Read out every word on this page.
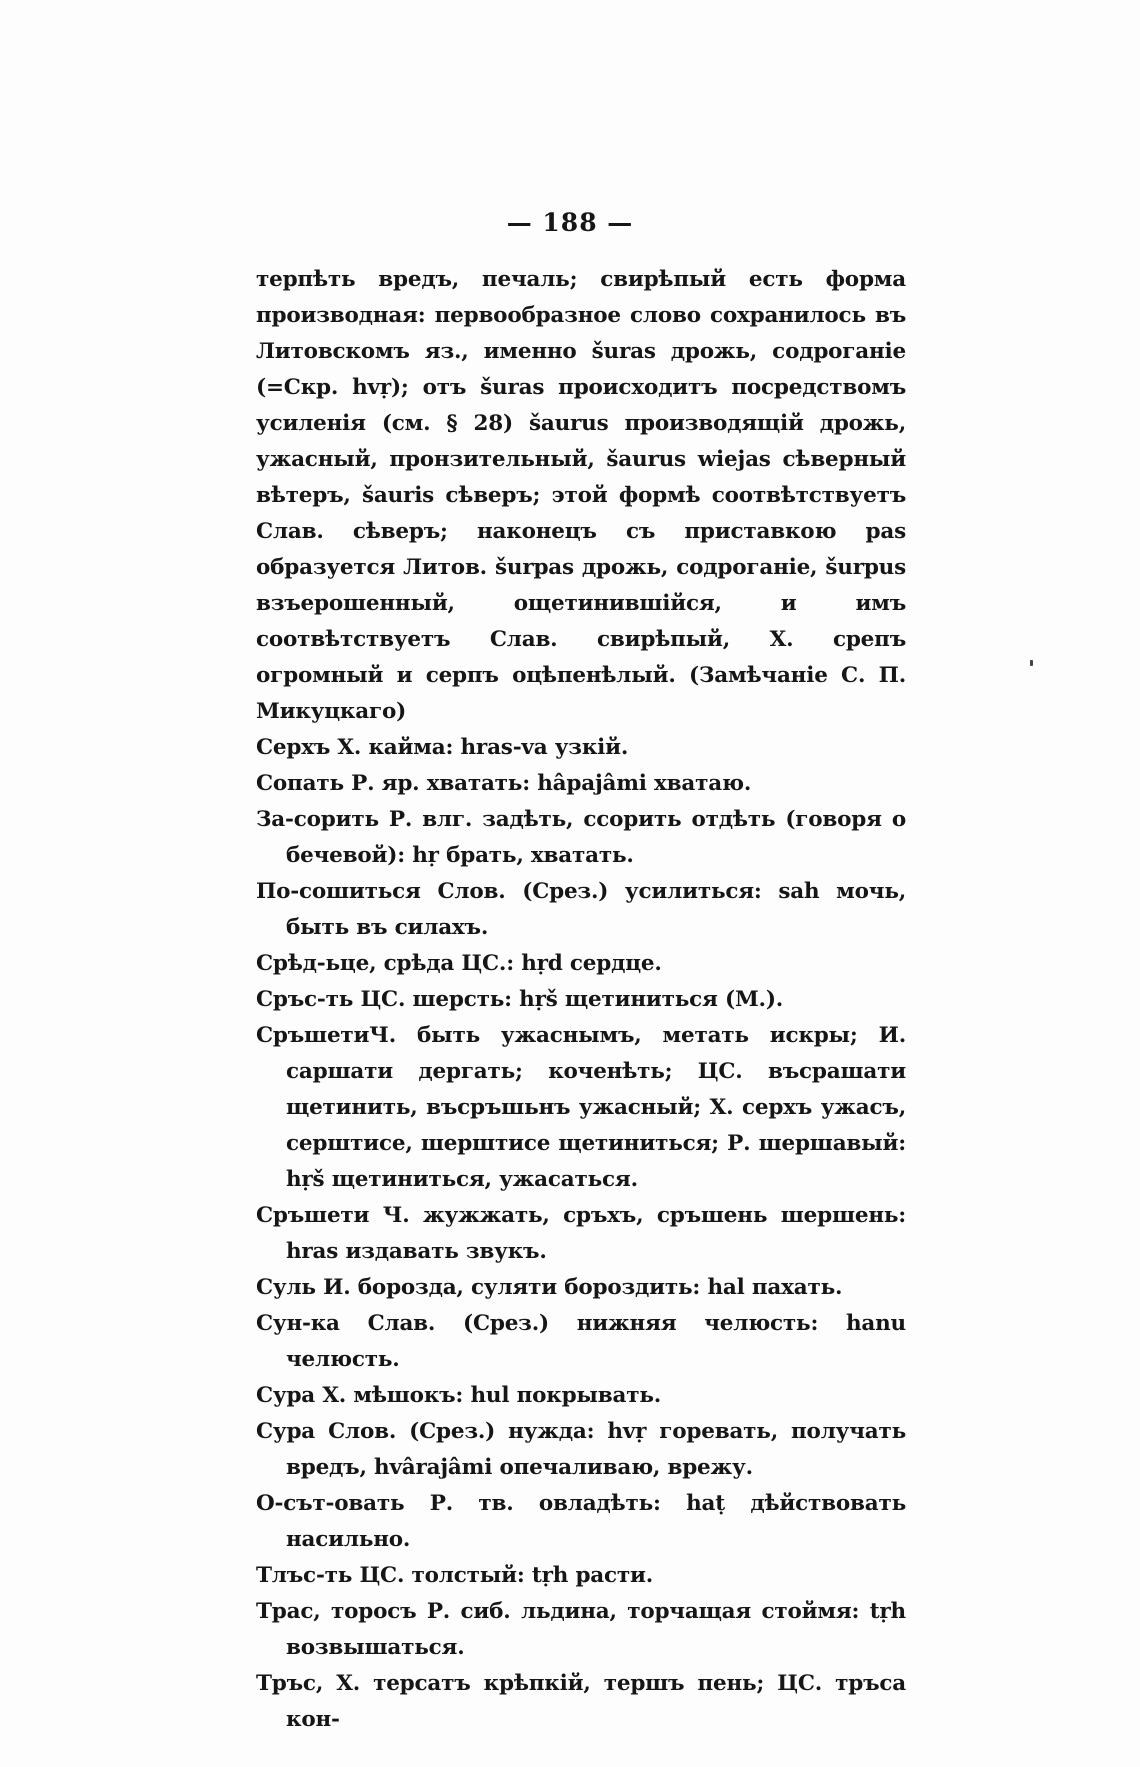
— 188 —

терпѣть вредъ, печаль; свирѣпый есть форма производная: первообразное слово сохранилось въ Литовскомъ яз., именно šuras дрожь, содроганіе (=Скр. hvṛ); отъ šuras происходитъ посредствомъ усиленія (см. § 28) šaurus производящій дрожь, ужасный, пронзительный, šaurus wiejas сѣверный вѣтеръ, šauris сѣверъ; этой формѣ соотвѣтствуетъ Слав. сѣверъ; наконецъ съ приставкою pas образуется Литов. šurpas дрожь, содроганіе, šurpus взъерошенный, ощетинившійся, и имъ соотвѣтствуетъ Слав. свирѣпый, Х. срепъ огромный и серпъ оцѣпенѣлый. (Замѣчаніе С. П. Микуцкаго)

Серхъ Х. кайма: hras-va узкій.

Сопать Р. яр. хватать: hâpajâmi хватаю.

За-сорить Р. влг. задѣть, ссорить отдѣть (говоря о бечевой): hṛ брать, хватать.

По-сошиться Слов. (Срез.) усилиться: sah мочь, быть въ силахъ.

Срѣд-ьце, срѣда ЦС.: hṛd сердце.

Сръс-ть ЦС. шерсть: hṛš щетиниться (М.).

СръшетиЧ. быть ужаснымъ, метать искры; И. саршати дергать; коченѣть; ЦС. въсрашати щетинить, въсръшьнъ ужасный; Х. серхъ ужасъ, серштисе, шерштисе щетиниться; Р. шершавый: hṛš щетиниться, ужасаться.

Сръшети Ч. жужжать, сръхъ, сръшень шершень: hras издавать звукъ.

Суль И. борозда, суляти бороздить: hal пахать.

Сун-ка Слав. (Срез.) нижняя челюсть: hanu челюсть.

Сура Х. мѣшокъ: hul покрывать.

Сура Слов. (Срез.) нужда: hvṛ горевать, получать вредъ, hvârajâmi опечаливаю, врежу.

О-сът-овать Р. тв. овладѣть: haṭ дѣйствовать насильно.

Тлъс-ть ЦС. толстый: tṛh расти.

Трас, торосъ Р. сиб. льдина, торчащая стоймя: tṛh возвышаться.

Тръс, Х. терсатъ крѣпкій, тершъ пень; ЦС. тръса кон-
